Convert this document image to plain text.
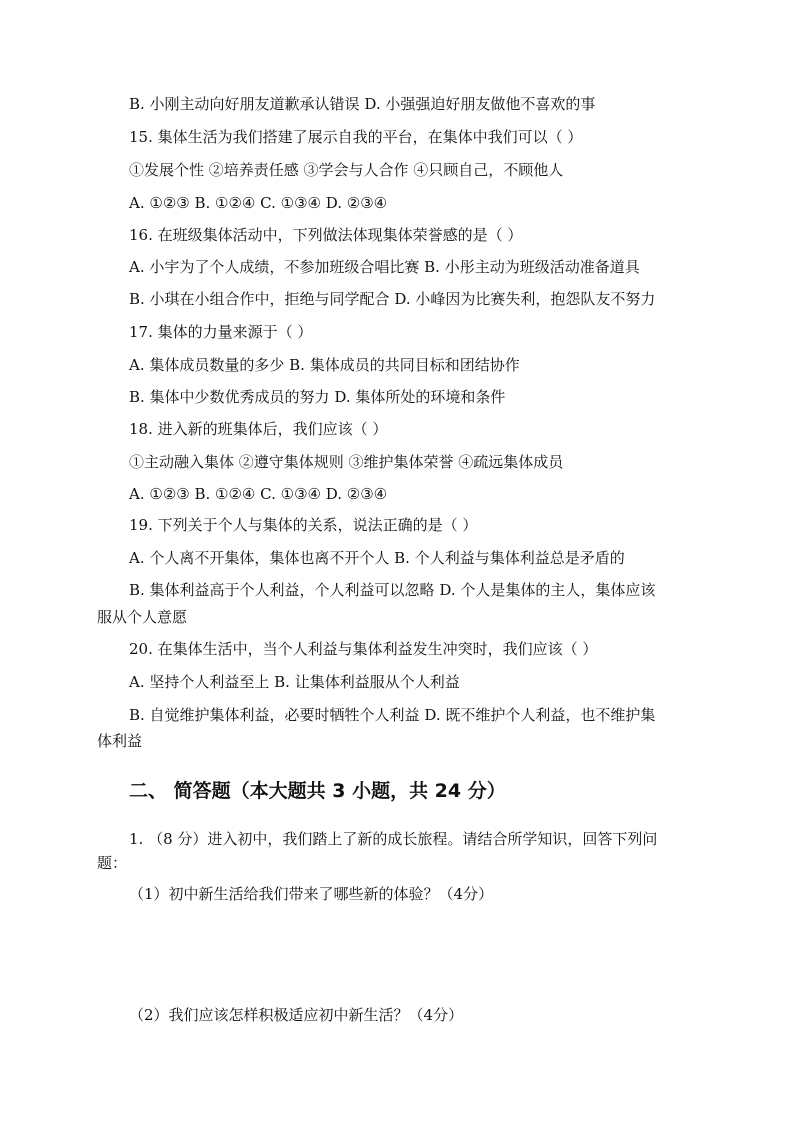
B. 小刚主动向好朋友道歉承认错误 D. 小强强迫好朋友做他不喜欢的事
15. 集体生活为我们搭建了展示自我的平台，在集体中我们可以（ ）
①发展个性 ②培养责任感 ③学会与人合作 ④只顾自己，不顾他人
A. ①②③ B. ①②④ C. ①③④ D. ②③④
16. 在班级集体活动中，下列做法体现集体荣誉感的是（ ）
A. 小宇为了个人成绩，不参加班级合唱比赛 B. 小彤主动为班级活动准备道具
B. 小琪在小组合作中，拒绝与同学配合 D. 小峰因为比赛失利，抱怨队友不努力
17. 集体的力量来源于（ ）
A. 集体成员数量的多少 B. 集体成员的共同目标和团结协作
B. 集体中少数优秀成员的努力 D. 集体所处的环境和条件
18. 进入新的班集体后，我们应该（ ）
①主动融入集体 ②遵守集体规则 ③维护集体荣誉 ④疏远集体成员
A. ①②③ B. ①②④ C. ①③④ D. ②③④
19. 下列关于个人与集体的关系，说法正确的是（ ）
A. 个人离不开集体，集体也离不开个人 B. 个人利益与集体利益总是矛盾的
B. 集体利益高于个人利益，个人利益可以忽略 D. 个人是集体的主人，集体应该
服从个人意愿
20. 在集体生活中，当个人利益与集体利益发生冲突时，我们应该（ ）
A. 坚持个人利益至上 B. 让集体利益服从个人利益
B. 自觉维护集体利益，必要时牺牲个人利益 D. 既不维护个人利益，也不维护集
体利益
二、 简答题（本大题共 3 小题，共 24 分）
1. （8 分）进入初中，我们踏上了新的成长旅程。请结合所学知识，回答下列问
题：
（1）初中新生活给我们带来了哪些新的体验？（4分）
（2）我们应该怎样积极适应初中新生活？（4分）
